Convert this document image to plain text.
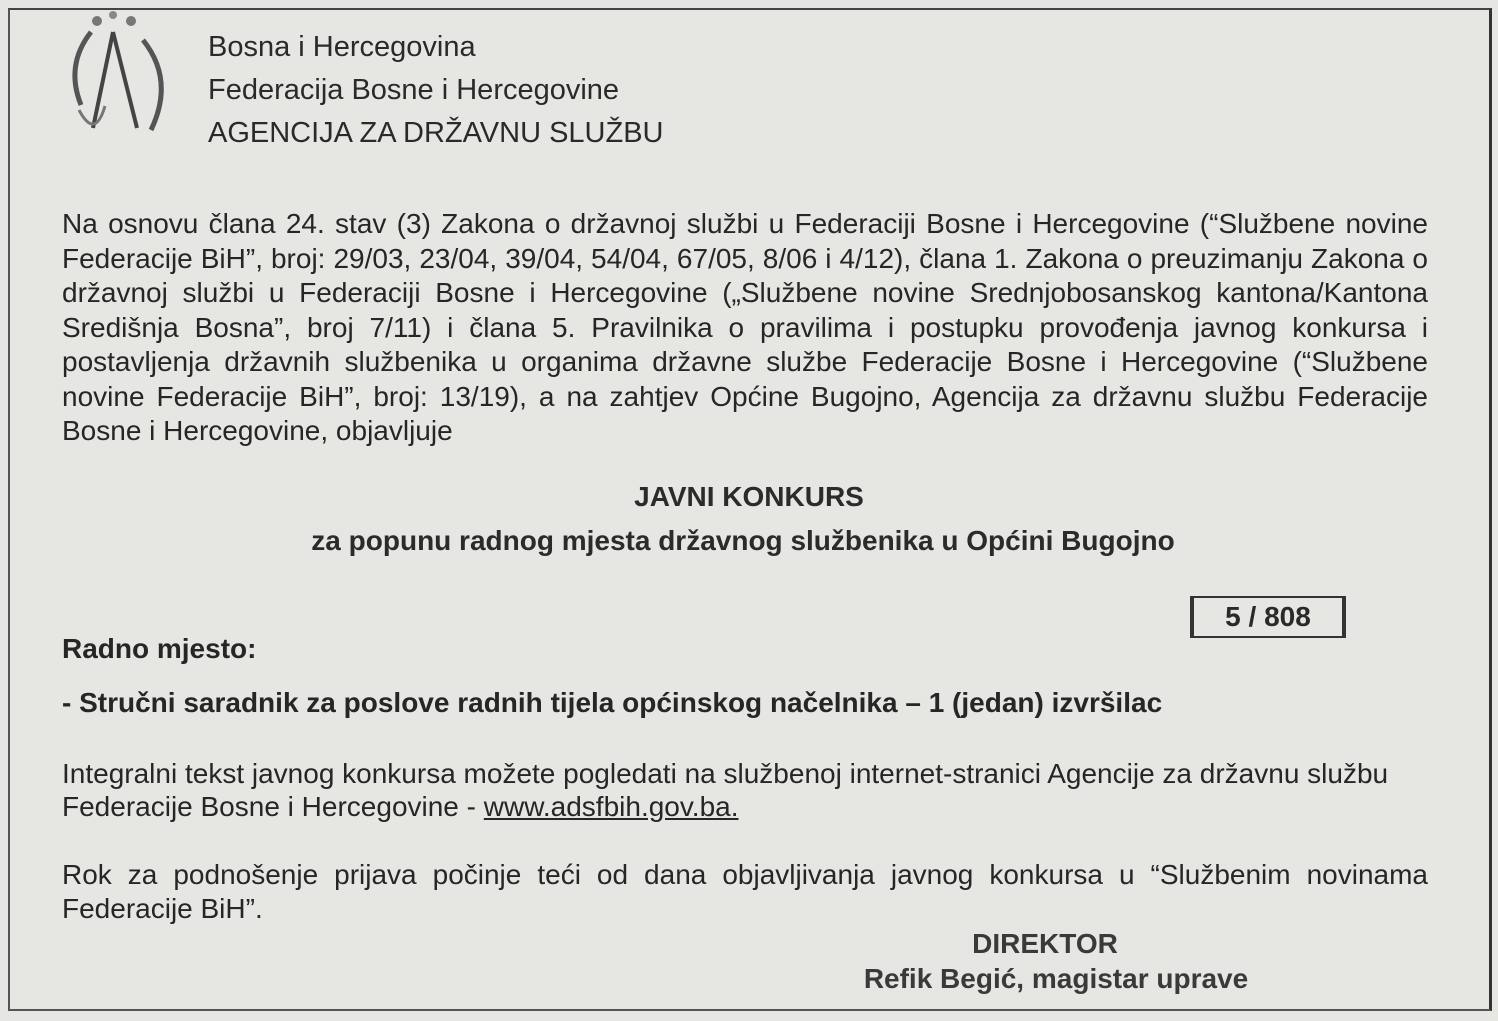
Bosna i Hercegovina
Federacija Bosne i Hercegovine
AGENCIJA ZA DRŽAVNU SLUŽBU
Na osnovu člana 24. stav (3) Zakona o državnoj službi u Federaciji Bosne i Hercegovine (“Službene novine Federacije BiH”, broj: 29/03, 23/04, 39/04, 54/04, 67/05, 8/06 i 4/12), člana 1. Zakona o preuzimanju Zakona o državnoj službi u Federaciji Bosne i Hercegovine („Službene novine Srednjobosanskog kantona/Kantona Središnja Bosna”, broj 7/11) i člana 5. Pravilnika o pravilima i postupku provođenja javnog konkursa i postavljenja državnih službenika u organima državne službe Federacije Bosne i Hercegovine (“Službene novine Federacije BiH”, broj: 13/19), a na zahtjev Općine Bugojno, Agencija za državnu službu Federacije Bosne i Hercegovine, objavljuje
JAVNI KONKURS
za popunu radnog mjesta državnog službenika u Općini Bugojno
5 / 808
Radno mjesto:
- Stručni saradnik za poslove radnih tijela općinskog načelnika – 1 (jedan) izvršilac
Integralni tekst javnog konkursa možete pogledati na službenoj internet-stranici Agencije za državnu službu Federacije Bosne i Hercegovine - www.adsfbih.gov.ba.
Rok za podnošenje prijava počinje teći od dana objavljivanja javnog konkursa u “Službenim novinama Federacije BiH”.
DIREKTOR
Refik Begić, magistar uprave
